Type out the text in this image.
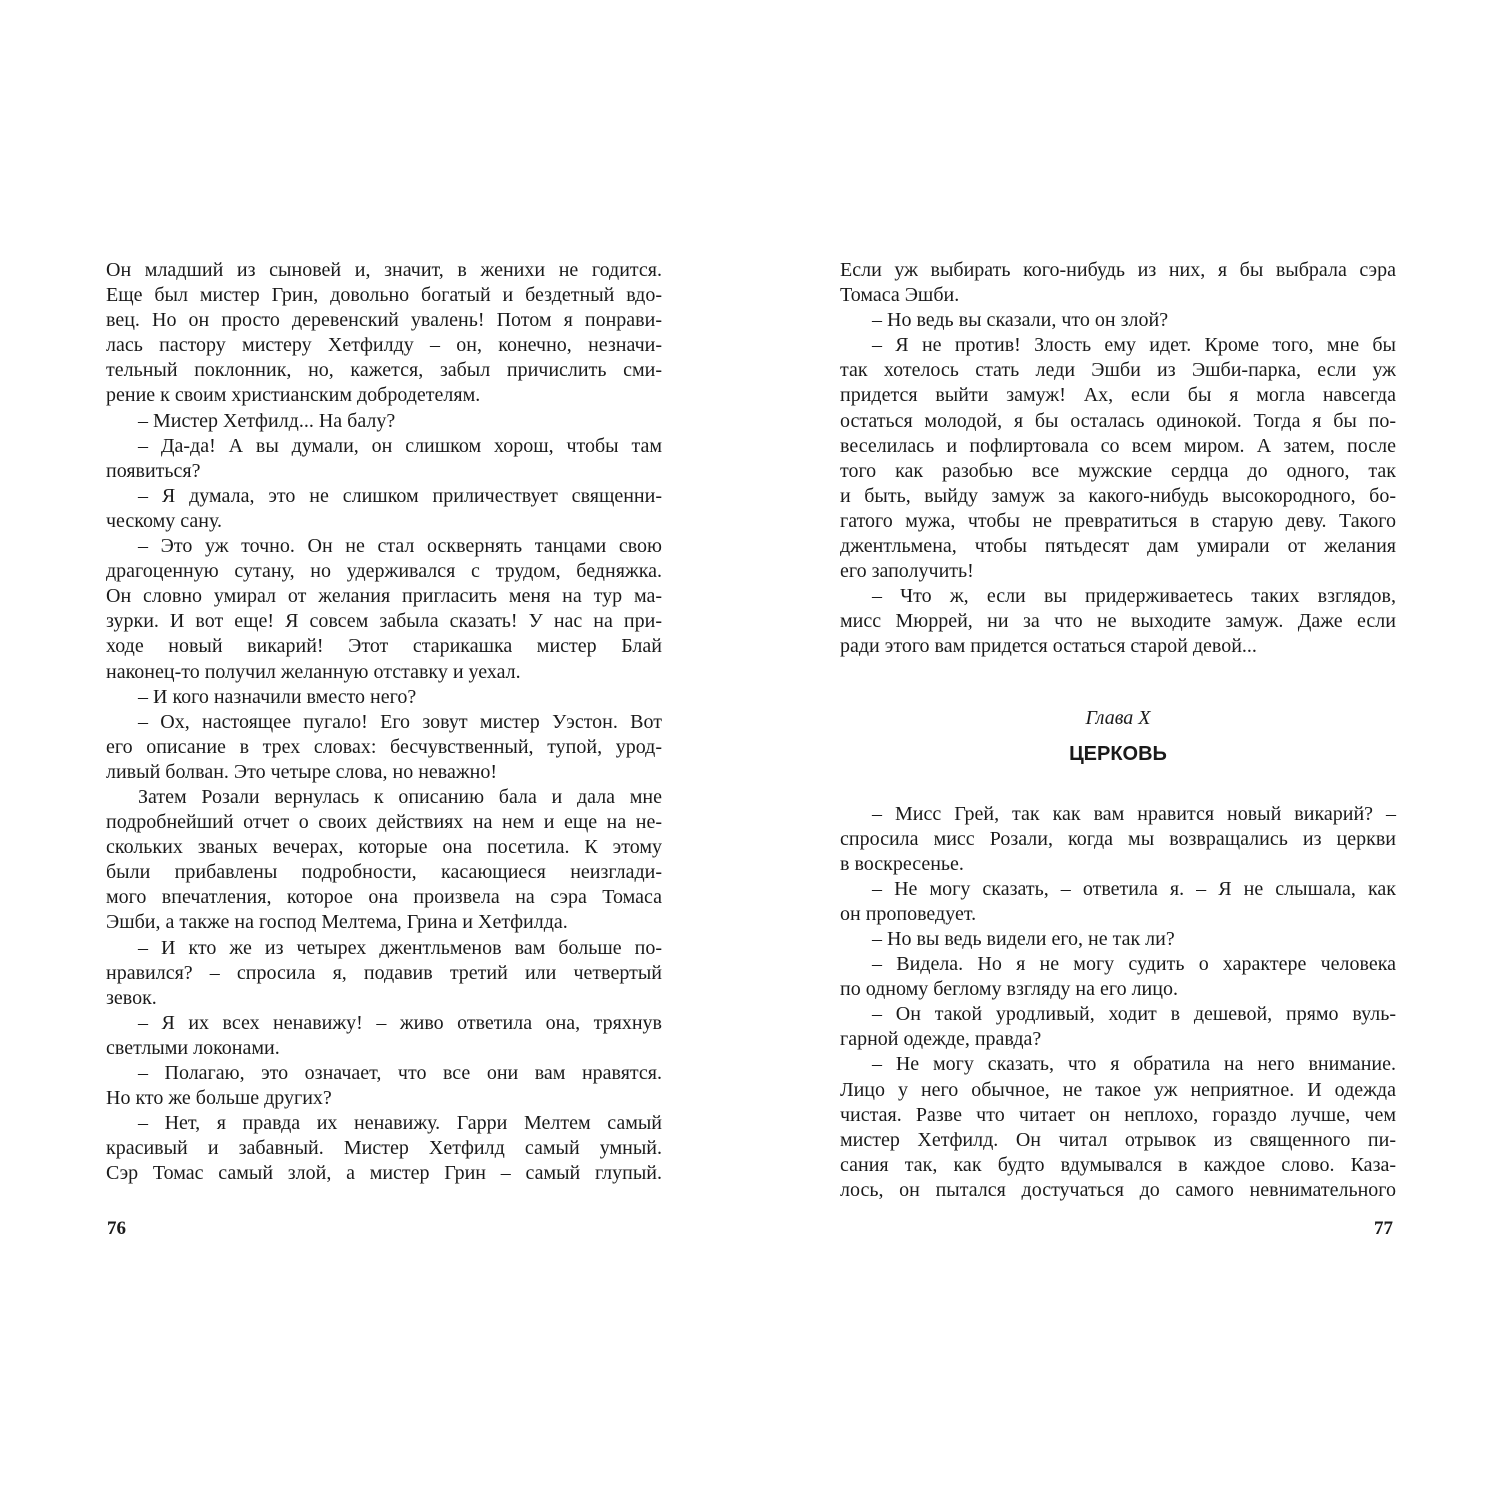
Он младший из сыновей и, значит, в женихи не годится.
Еще был мистер Грин, довольно богатый и бездетный вдо-
вец. Но он просто деревенский увалень! Потом я понрави-
лась пастору мистеру Хетфилду – он, конечно, незначи-
тельный поклонник, но, кажется, забыл причислить сми-
рение к своим христианским добродетелям.
– Мистер Хетфилд... На балу?
– Да-да! А вы думали, он слишком хорош, чтобы там
появиться?
– Я думала, это не слишком приличествует священни-
ческому сану.
– Это уж точно. Он не стал осквернять танцами свою
драгоценную сутану, но удерживался с трудом, бедняжка.
Он словно умирал от желания пригласить меня на тур ма-
зурки. И вот еще! Я совсем забыла сказать! У нас на при-
ходе новый викарий! Этот старикашка мистер Блай
наконец-то получил желанную отставку и уехал.
– И кого назначили вместо него?
– Ох, настоящее пугало! Его зовут мистер Уэстон. Вот
его описание в трех словах: бесчувственный, тупой, урод-
ливый болван. Это четыре слова, но неважно!
Затем Розали вернулась к описанию бала и дала мне
подробнейший отчет о своих действиях на нем и еще на не-
скольких званых вечерах, которые она посетила. К этому
были прибавлены подробности, касающиеся неизглади-
мого впечатления, которое она произвела на сэра Томаса
Эшби, а также на господ Мелтема, Грина и Хетфилда.
– И кто же из четырех джентльменов вам больше по-
нравился? – спросила я, подавив третий или четвертый
зевок.
– Я их всех ненавижу! – живо ответила она, тряхнув
светлыми локонами.
– Полагаю, это означает, что все они вам нравятся.
Но кто же больше других?
– Нет, я правда их ненавижу. Гарри Мелтем самый
красивый и забавный. Мистер Хетфилд самый умный.
Сэр Томас самый злой, а мистер Грин – самый глупый.
Если уж выбирать кого-нибудь из них, я бы выбрала сэра
Томаса Эшби.
– Но ведь вы сказали, что он злой?
– Я не против! Злость ему идет. Кроме того, мне бы
так хотелось стать леди Эшби из Эшби-парка, если уж
придется выйти замуж! Ах, если бы я могла навсегда
остаться молодой, я бы осталась одинокой. Тогда я бы по-
веселилась и пофлиртовала со всем миром. А затем, после
того как разобью все мужские сердца до одного, так
и быть, выйду замуж за какого-нибудь высокородного, бо-
гатого мужа, чтобы не превратиться в старую деву. Такого
джентльмена, чтобы пятьдесят дам умирали от желания
его заполучить!
– Что ж, если вы придерживаетесь таких взглядов,
мисс Мюррей, ни за что не выходите замуж. Даже если
ради этого вам придется остаться старой девой...
Глава X
ЦЕРКОВЬ
– Мисс Грей, так как вам нравится новый викарий? –
спросила мисс Розали, когда мы возвращались из церкви
в воскресенье.
– Не могу сказать, – ответила я. – Я не слышала, как
он проповедует.
– Но вы ведь видели его, не так ли?
– Видела. Но я не могу судить о характере человека
по одному беглому взгляду на его лицо.
– Он такой уродливый, ходит в дешевой, прямо вуль-
гарной одежде, правда?
– Не могу сказать, что я обратила на него внимание.
Лицо у него обычное, не такое уж неприятное. И одежда
чистая. Разве что читает он неплохо, гораздо лучше, чем
мистер Хетфилд. Он читал отрывок из священного пи-
сания так, как будто вдумывался в каждое слово. Каза-
лось, он пытался достучаться до самого невнимательного
76	77
